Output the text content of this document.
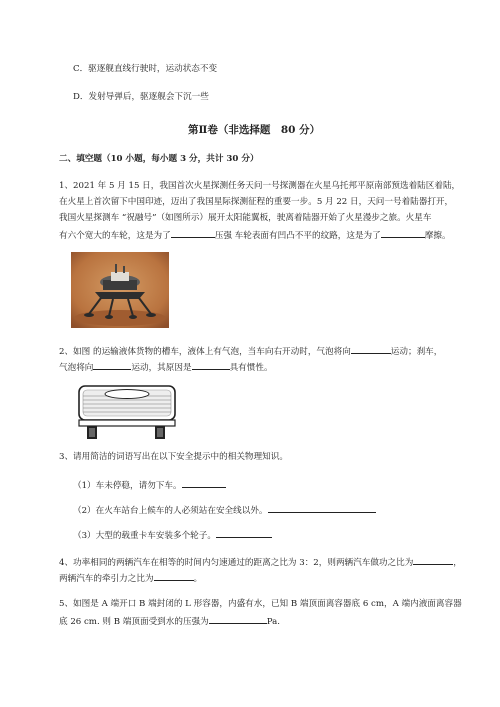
C．驱逐舰直线行驶时，运动状态不变
D．发射导弹后，驱逐舰会下沉一些
第Ⅱ卷（非选择题　80 分）
二、填空题（10 小题，每小题 3 分，共计 30 分）
1、2021 年 5 月 15 日，我国首次火星探测任务天问一号探测器在火星乌托邦平原南部预选着陆区着陆，
在火星上首次留下中国印迹，迈出了我国星际探测征程的重要一步。5 月 22 日，天问一号着陆器打开，
我国火星探测车 “祝融号”（如图所示）展开太阳能翼板，驶离着陆器开始了火星漫步之旅。火星车
有六个宽大的车轮，这是为了	压强 车轮表面有凹凸不平的纹路，这是为了	摩擦。
2、如图 的运输液体货物的槽车，液体上有气泡，当车向右开动时，气泡将向	运动；刹车，
气泡将向	运动，其原因是	具有惯性。
3、请用简洁的词语写出在以下安全提示中的相关物理知识。
（1）车未停稳，请勿下车。
（2）在火车站台上候车的人必须站在安全线以外。
（3）大型的载重卡车安装多个轮子。
4、功率相同的两辆汽车在相等的时间内匀速通过的距离之比为 3：2，则两辆汽车做功之比为	，
两辆汽车的牵引力之比为	。
5、如图是 A 端开口 B 端封闭的 L 形容器，内盛有水，已知 B 端顶面离容器底 6 cm，A 端内液面离容器
底 26 cm. 则 B 端顶面受到水的压强为	Pa.
